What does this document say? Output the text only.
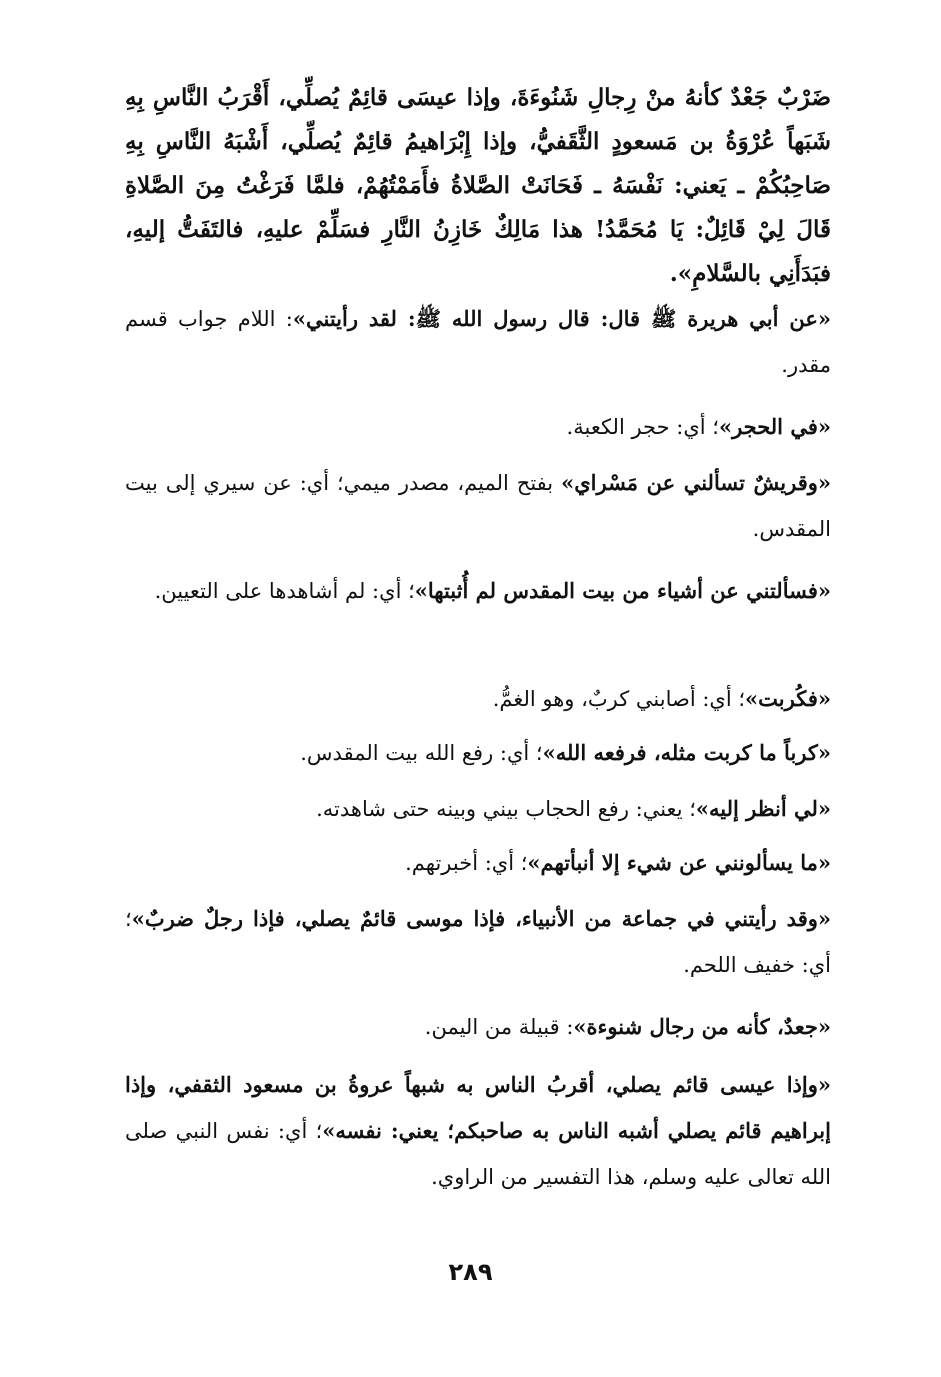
ضَرْبٌ جَعْدٌ كأنهُ منْ رِجالِ شَنُوءَةَ، وإذا عيسَى قائِمٌ يُصلِّي، أَقْرَبُ النَّاسِ بِهِ شَبَهاً عُرْوَةُ بن مَسعودٍ الثَّقَفيُّ، وإذا إِبْرَاهيمُ قائِمٌ يُصلِّي، أَشْبَهُ النَّاسِ بِهِ صَاحِبُكُمْ ـ يَعني: نَفْسَهُ ـ فَحَانَتْ الصَّلاةُ فأَمَمْتُهُمْ، فلمَّا فَرَغْتُ مِنَ الصَّلاةِ قَالَ لِيْ قَائِلٌ: يَا مُحَمَّدُ! هذا مَالِكٌ خَازِنُ النَّارِ فسَلِّمْ عليهِ، فالتَفَتُّ إليهِ، فبَدَأَنِي بالسَّلامِ».
«عن أبي هريرة ﷺ قال: قال رسول الله ﷺ: لقد رأيتني»: اللام جواب قسم مقدر.
«في الحجر»؛ أي: حجر الكعبة.
«وقريشٌ تسألني عن مَسْراي» بفتح الميم، مصدر ميمي؛ أي: عن سيري إلى بيت المقدس.
«فسألتني عن أشياء من بيت المقدس لم أُثبتها»؛ أي: لم أشاهدها على التعيين.
«فكُربت»؛ أي: أصابني كربٌ، وهو الغمُّ.
«كرباً ما كربت مثله، فرفعه الله»؛ أي: رفع الله بيت المقدس.
«لي أنظر إليه»؛ يعني: رفع الحجاب بيني وبينه حتى شاهدته.
«ما يسألونني عن شيء إلا أنبأتهم»؛ أي: أخبرتهم.
«وقد رأيتني في جماعة من الأنبياء، فإذا موسى قائمٌ يصلي، فإذا رجلٌ ضربٌ»؛ أي: خفيف اللحم.
«جعدٌ، كأنه من رجال شنوءة»: قبيلة من اليمن.
«وإذا عيسى قائم يصلي، أقربُ الناس به شبهاً عروةُ بن مسعود الثقفي، وإذا إبراهيم قائم يصلي أشبه الناس به صاحبكم؛ يعني: نفسه»؛ أي: نفس النبي صلى الله تعالى عليه وسلم، هذا التفسير من الراوي.
٢٨٩
